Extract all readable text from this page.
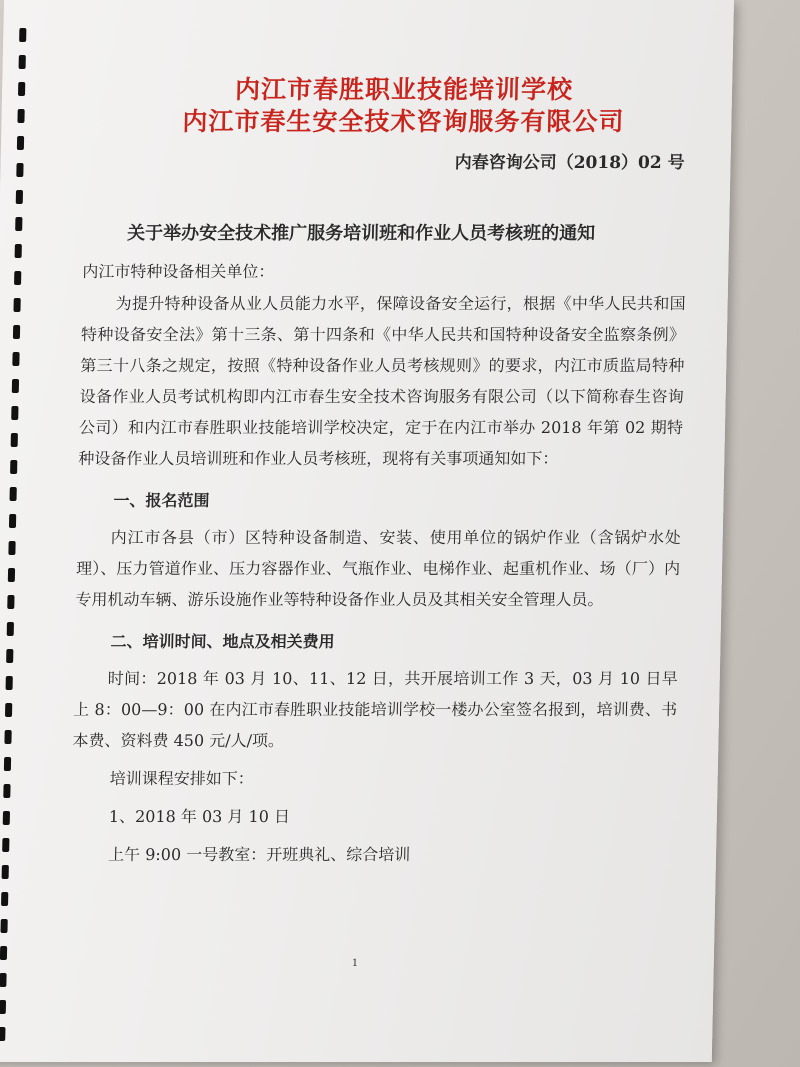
内江市春胜职业技能培训学校

内江市春生安全技术咨询服务有限公司

内春咨询公司（2018）02 号
关于举办安全技术推广服务培训班和作业人员考核班的通知
内江市特种设备相关单位：

为提升特种设备从业人员能力水平，保障设备安全运行，根据《中华人民共和国特种设备安全法》第十三条、第十四条和《中华人民共和国特种设备安全监察条例》第三十八条之规定，按照《特种设备作业人员考核规则》的要求，内江市质监局特种设备作业人员考试机构即内江市春生安全技术咨询服务有限公司（以下简称春生咨询公司）和内江市春胜职业技能培训学校决定，定于在内江市举办 2018 年第 02 期特种设备作业人员培训班和作业人员考核班，现将有关事项通知如下：

一、报名范围

内江市各县（市）区特种设备制造、安装、使用单位的锅炉作业（含锅炉水处理）、压力管道作业、压力容器作业、气瓶作业、电梯作业、起重机作业、场（厂）内专用机动车辆、游乐设施作业等特种设备作业人员及其相关安全管理人员。

二、培训时间、地点及相关费用

时间：2018 年 03 月 10、11、12 日，共开展培训工作 3 天，03 月 10 日早上 8：00—9：00 在内江市春胜职业技能培训学校一楼办公室签名报到，培训费、书本费、资料费 450 元/人/项。

培训课程安排如下：
1、2018 年 03 月 10 日
上午 9:00 一号教室：开班典礼、综合培训
1
